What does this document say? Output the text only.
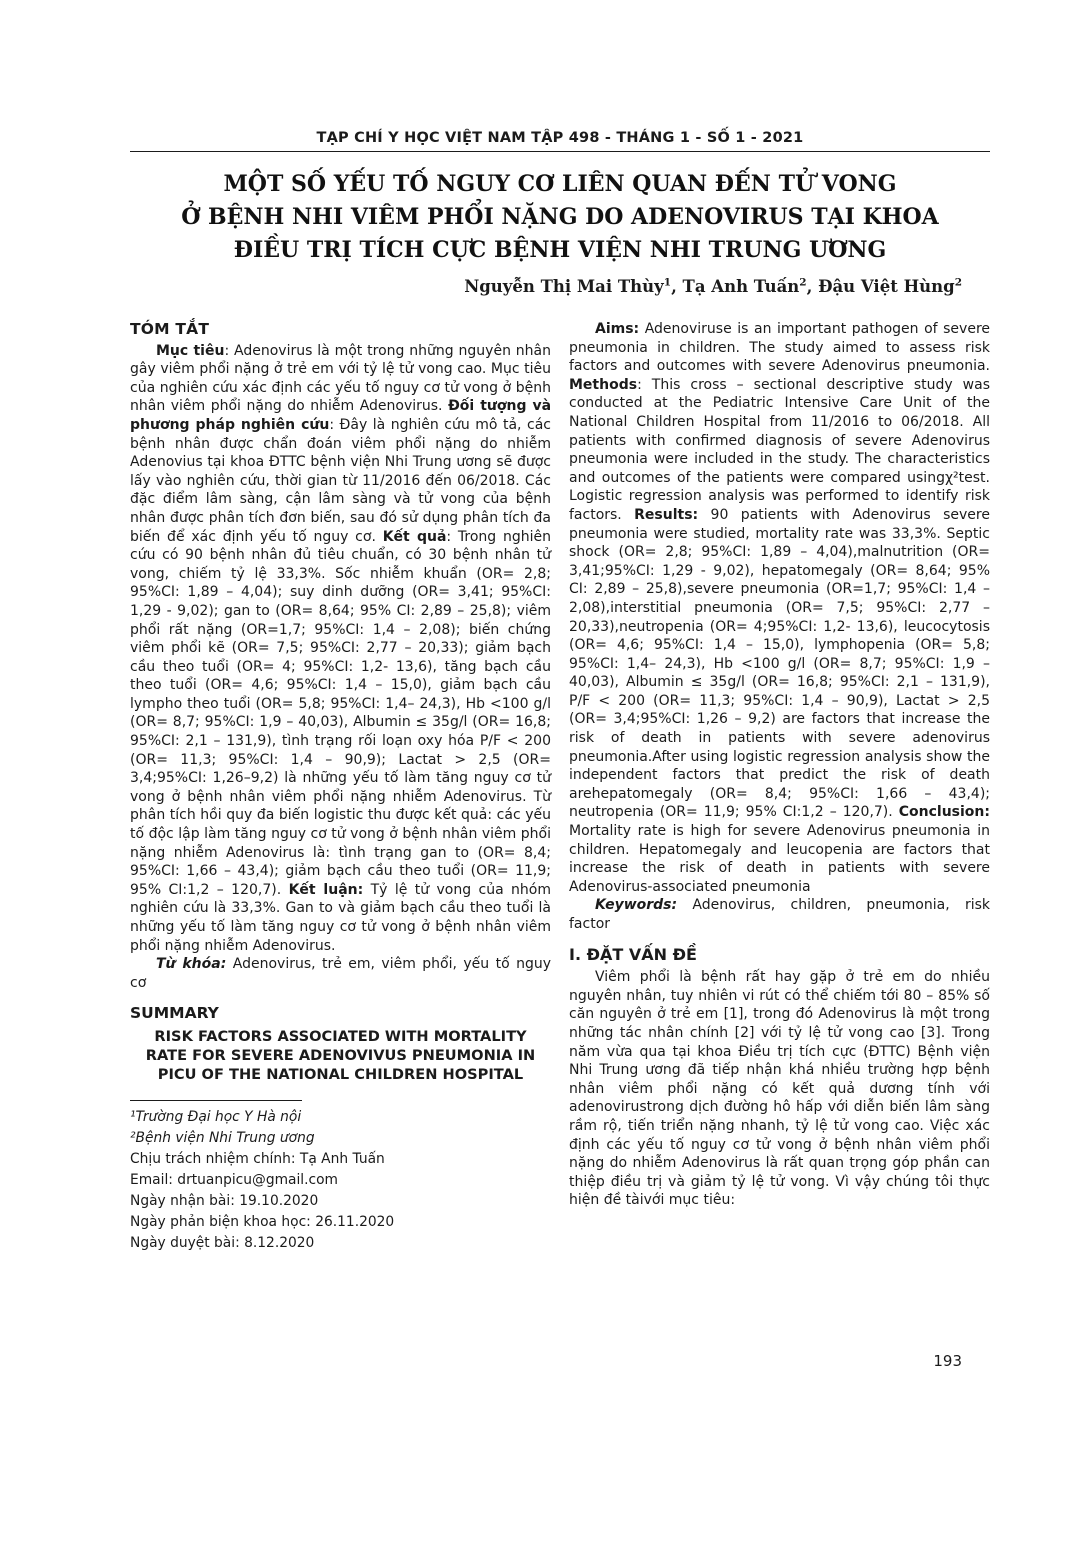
TẠP CHÍ Y HỌC VIỆT NAM TẬP 498 - THÁNG 1 - SỐ 1 - 2021
MỘT SỐ YẾU TỐ NGUY CƠ LIÊN QUAN ĐẾN TỬ VONG
Ở BỆNH NHI VIÊM PHỔI NẶNG DO ADENOVIRUS TẠI KHOA
ĐIỀU TRỊ TÍCH CỰC BỆNH VIỆN NHI TRUNG ƯƠNG
Nguyễn Thị Mai Thùy$^1$, Tạ Anh Tuấn$^2$, Đậu Việt Hùng$^2$
TÓM TẮT

Mục tiêu: Adenovirus là một trong những nguyên nhân gây viêm phổi nặng ở trẻ em với tỷ lệ tử vong cao. Mục tiêu của nghiên cứu xác định các yếu tố nguy cơ tử vong ở bệnh nhân viêm phổi nặng do nhiễm Adenovirus. Đối tượng và phương pháp nghiên cứu: Đây là nghiên cứu mô tả, các bệnh nhân được chẩn đoán viêm phổi nặng do nhiễm Adenovius tại khoa ĐTTC bệnh viện Nhi Trung ương sẽ được lấy vào nghiên cứu, thời gian từ 11/2016 đến 06/2018. Các đặc điểm lâm sàng, cận lâm sàng và tử vong của bệnh nhân được phân tích đơn biến, sau đó sử dụng phân tích đa biến để xác định yếu tố nguy cơ. Kết quả: Trong nghiên cứu có 90 bệnh nhân đủ tiêu chuẩn, có 30 bệnh nhân tử vong, chiếm tỷ lệ 33,3%. Sốc nhiễm khuẩn (OR= 2,8; 95%CI: 1,89 – 4,04); suy dinh dưỡng (OR= 3,41; 95%CI: 1,29 - 9,02); gan to (OR= 8,64; 95% CI: 2,89 – 25,8); viêm phổi rất nặng (OR=1,7; 95%CI: 1,4 – 2,08); biến chứng viêm phổi kẽ (OR= 7,5; 95%CI: 2,77 – 20,33); giảm bạch cầu theo tuổi (OR= 4; 95%CI: 1,2- 13,6), tăng bạch cầu theo tuổi (OR= 4,6; 95%CI: 1,4 – 15,0), giảm bạch cầu lympho theo tuổi (OR= 5,8; 95%CI: 1,4– 24,3), Hb <100 g/l (OR= 8,7; 95%CI: 1,9 – 40,03), Albumin ≤ 35g/l (OR= 16,8; 95%CI: 2,1 – 131,9), tình trạng rối loạn oxy hóa P/F < 200 (OR= 11,3; 95%CI: 1,4 – 90,9); Lactat > 2,5 (OR= 3,4;95%CI: 1,26–9,2) là những yếu tố làm tăng nguy cơ tử vong ở bệnh nhân viêm phổi nặng nhiễm Adenovirus. Từ phân tích hồi quy đa biến logistic thu được kết quả: các yếu tố độc lập làm tăng nguy cơ tử vong ở bệnh nhân viêm phổi nặng nhiễm Adenovirus là: tình trạng gan to (OR= 8,4; 95%CI: 1,66 – 43,4); giảm bạch cầu theo tuổi (OR= 11,9; 95% CI:1,2 – 120,7). Kết luận: Tỷ lệ tử vong của nhóm nghiên cứu là 33,3%. Gan to và giảm bạch cầu theo tuổi là những yếu tố làm tăng nguy cơ tử vong ở bệnh nhân viêm phổi nặng nhiễm Adenovirus.

Từ khóa: Adenovirus, trẻ em, viêm phổi, yếu tố nguy cơ

SUMMARY
RISK FACTORS ASSOCIATED WITH MORTALITY RATE FOR SEVERE ADENOVIVUS PNEUMONIA IN PICU OF THE NATIONAL CHILDREN HOSPITAL
¹Trường Đại học Y Hà nội
²Bệnh viện Nhi Trung ương
Chịu trách nhiệm chính: Tạ Anh Tuấn
Email: drtuanpicu@gmail.com
Ngày nhận bài: 19.10.2020
Ngày phản biện khoa học: 26.11.2020
Ngày duyệt bài: 8.12.2020

Aims: Adenoviruse is an important pathogen of severe pneumonia in children. The study aimed to assess risk factors and outcomes with severe Adenovirus pneumonia. Methods: This cross – sectional descriptive study was conducted at the Pediatric Intensive Care Unit of the National Children Hospital from 11/2016 to 06/2018. All patients with confirmed diagnosis of severe Adenovirus pneumonia were included in the study. The characteristics and outcomes of the patients were compared usingχ²test. Logistic regression analysis was performed to identify risk factors. Results: 90 patients with Adenovirus severe pneumonia were studied, mortality rate was 33,3%. Septic shock (OR= 2,8; 95%CI: 1,89 – 4,04),malnutrition (OR= 3,41;95%CI: 1,29 - 9,02), hepatomegaly (OR= 8,64; 95% CI: 2,89 – 25,8),severe pneumonia (OR=1,7; 95%CI: 1,4 – 2,08),interstitial pneumonia (OR= 7,5; 95%CI: 2,77 – 20,33),neutropenia (OR= 4;95%CI: 1,2- 13,6), leucocytosis (OR= 4,6; 95%CI: 1,4 – 15,0), lymphopenia (OR= 5,8; 95%CI: 1,4– 24,3), Hb <100 g/l (OR= 8,7; 95%CI: 1,9 – 40,03), Albumin ≤ 35g/l (OR= 16,8; 95%CI: 2,1 – 131,9), P/F < 200 (OR= 11,3; 95%CI: 1,4 – 90,9), Lactat > 2,5 (OR= 3,4;95%CI: 1,26 – 9,2) are factors that increase the risk of death in patients with severe adenovirus pneumonia.After using logistic regression analysis show the independent factors that predict the risk of death arehepatomegaly (OR= 8,4; 95%CI: 1,66 – 43,4); neutropenia (OR= 11,9; 95% CI:1,2 – 120,7). Conclusion: Mortality rate is high for severe Adenovirus pneumonia in children. Hepatomegaly and leucopenia are factors that increase the risk of death in patients with severe Adenovirus-associated pneumonia

Keywords: Adenovirus, children, pneumonia, risk factor

I. ĐẶT VẤN ĐỀ

Viêm phổi là bệnh rất hay gặp ở trẻ em do nhiều nguyên nhân, tuy nhiên vi rút có thể chiếm tới 80 – 85% số căn nguyên ở trẻ em [1], trong đó Adenovirus là một trong những tác nhân chính [2] với tỷ lệ tử vong cao [3]. Trong năm vừa qua tại khoa Điều trị tích cực (ĐTTC) Bệnh viện Nhi Trung ương đã tiếp nhận khá nhiều trường hợp bệnh nhân viêm phổi nặng có kết quả dương tính với adenovirustrong dịch đường hô hấp với diễn biến lâm sàng rầm rộ, tiến triển nặng nhanh, tỷ lệ tử vong cao. Việc xác định các yếu tố nguy cơ tử vong ở bệnh nhân viêm phổi nặng do nhiễm Adenovirus là rất quan trọng góp phần can thiệp điều trị và giảm tỷ lệ tử vong. Vì vậy chúng tôi thực hiện đề tàivới mục tiêu:

193
